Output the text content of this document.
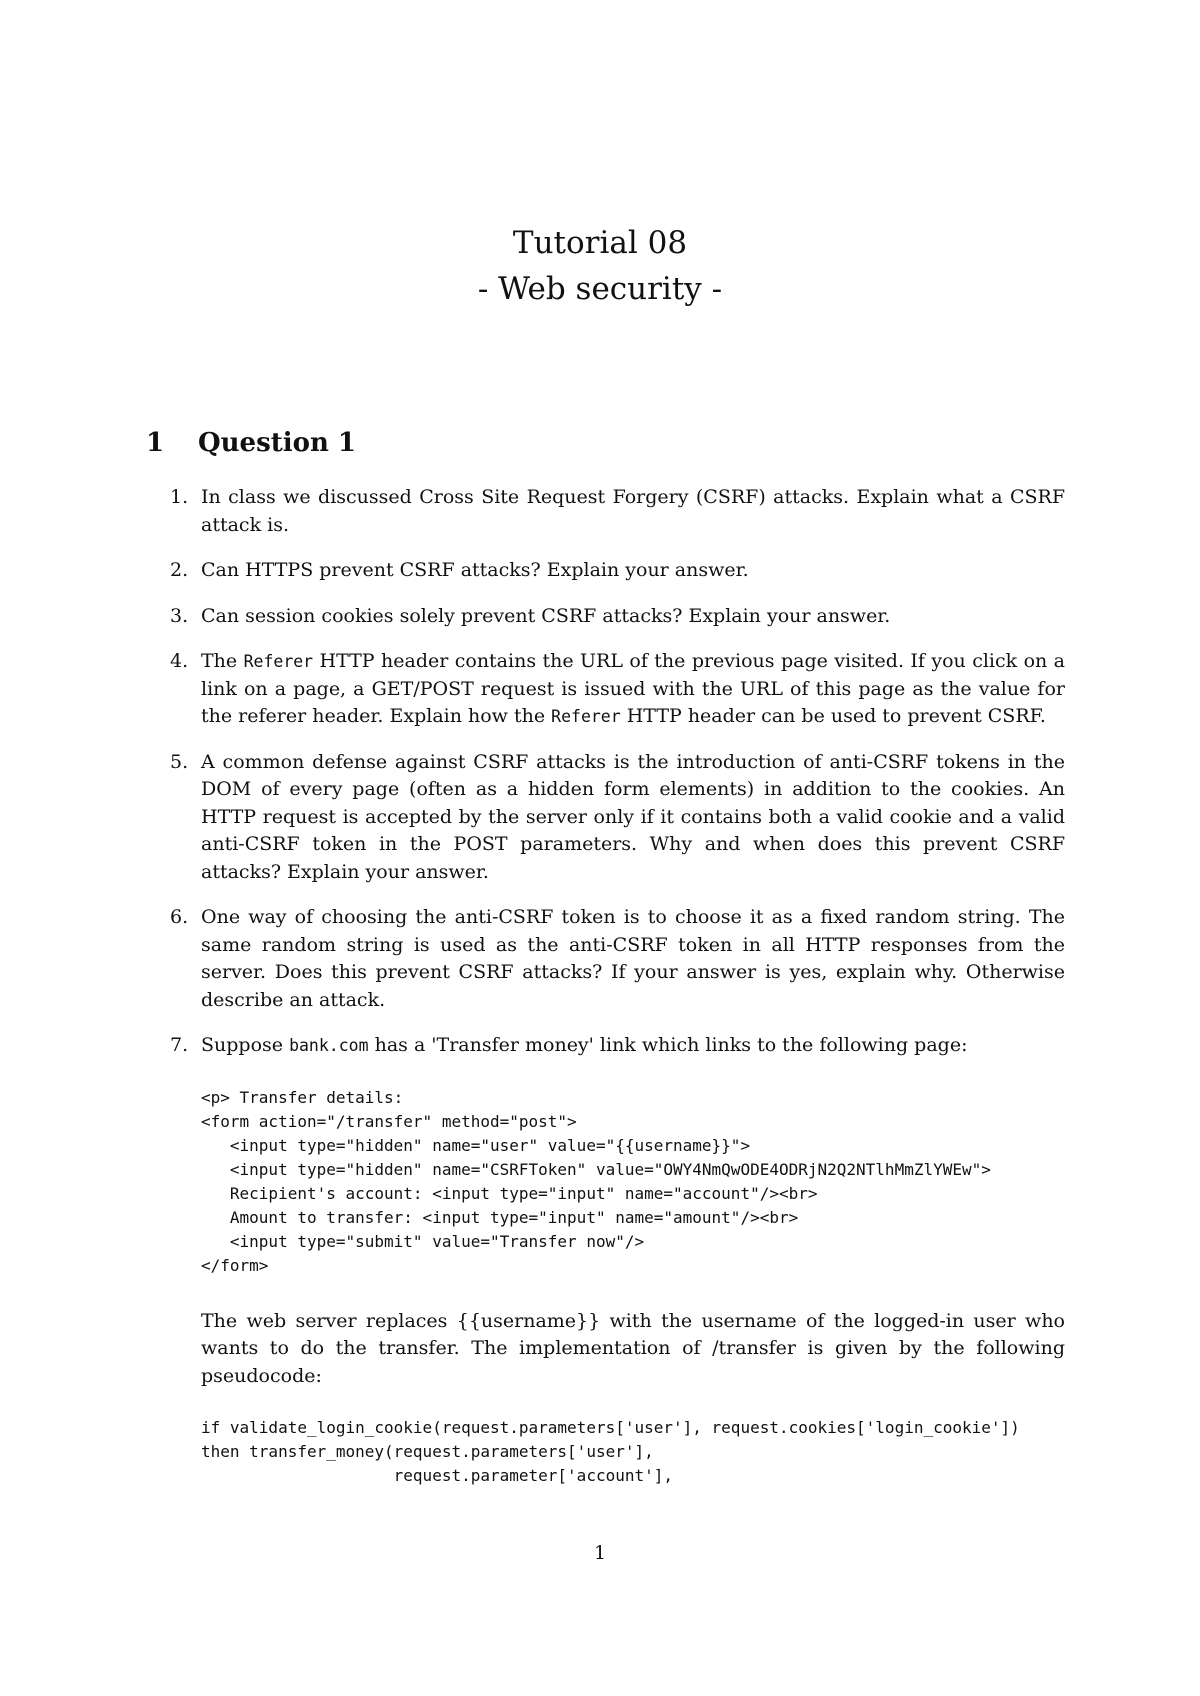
Tutorial 08
- Web security -
1 Question 1
1. In class we discussed Cross Site Request Forgery (CSRF) attacks. Explain what a CSRF attack is.
2. Can HTTPS prevent CSRF attacks? Explain your answer.
3. Can session cookies solely prevent CSRF attacks? Explain your answer.
4. The Referer HTTP header contains the URL of the previous page visited. If you click on a link on a page, a GET/POST request is issued with the URL of this page as the value for the referer header. Explain how the Referer HTTP header can be used to prevent CSRF.
5. A common defense against CSRF attacks is the introduction of anti-CSRF tokens in the DOM of every page (often as a hidden form elements) in addition to the cookies. An HTTP request is accepted by the server only if it contains both a valid cookie and a valid anti-CSRF token in the POST parameters. Why and when does this prevent CSRF attacks? Explain your answer.
6. One way of choosing the anti-CSRF token is to choose it as a fixed random string. The same random string is used as the anti-CSRF token in all HTTP responses from the server. Does this prevent CSRF attacks? If your answer is yes, explain why. Otherwise describe an attack.
7. Suppose bank.com has a 'Transfer money' link which links to the following page:
<p> Transfer details:
<form action="/transfer" method="post">
<input type="hidden" name="user" value="{{username}}">
<input type="hidden" name="CSRFToken" value="OWY4NmQwODE4ODRjN2Q2NTlhMmZlYWEw">
Recipient's account: <input type="input" name="account"/><br>
Amount to transfer: <input type="input" name="amount"/><br>
<input type="submit" value="Transfer now"/>
</form>

The web server replaces {{username}} with the username of the logged-in user who wants to do the transfer. The implementation of /transfer is given by the following pseudocode:

if validate_login_cookie(request.parameters['user'], request.cookies['login_cookie'])
then transfer_money(request.parameters['user'],
request.parameter['account'],
1
